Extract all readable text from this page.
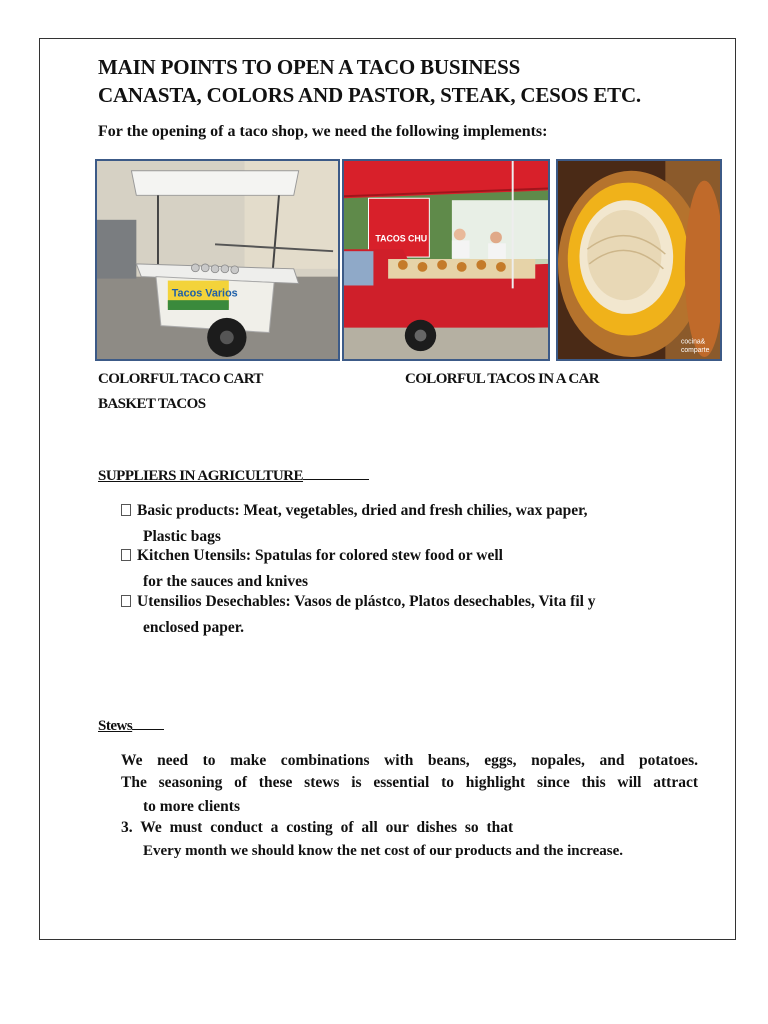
MAIN POINTS TO OPEN A TACO BUSINESS
CANASTA, COLORS AND PASTOR, STEAK, CESOS ETC.
For the opening of a taco shop, we need the following implements:
Tacos Varios
TACOS CHU
cocina&
comparte
COLORFUL TACO CART	COLORFUL TACOS IN A CAR
BASKET TACOS
SUPPLIERS IN AGRICULTURE
Basic products: Meat, vegetables, dried and fresh chilies, wax paper,
Plastic bags
Kitchen Utensils: Spatulas for colored stew food or well
for the sauces and knives
Utensilios Desechables: Vasos de plástco, Platos desechables, Vita fil y
enclosed paper.
Stews
We need to make combinations with beans, eggs, nopales, and potatoes.
The seasoning of these stews is essential to highlight since this will attract
to more clients
3. We must conduct a costing of all our dishes so that
Every month we should know the net cost of our products and the increase.
